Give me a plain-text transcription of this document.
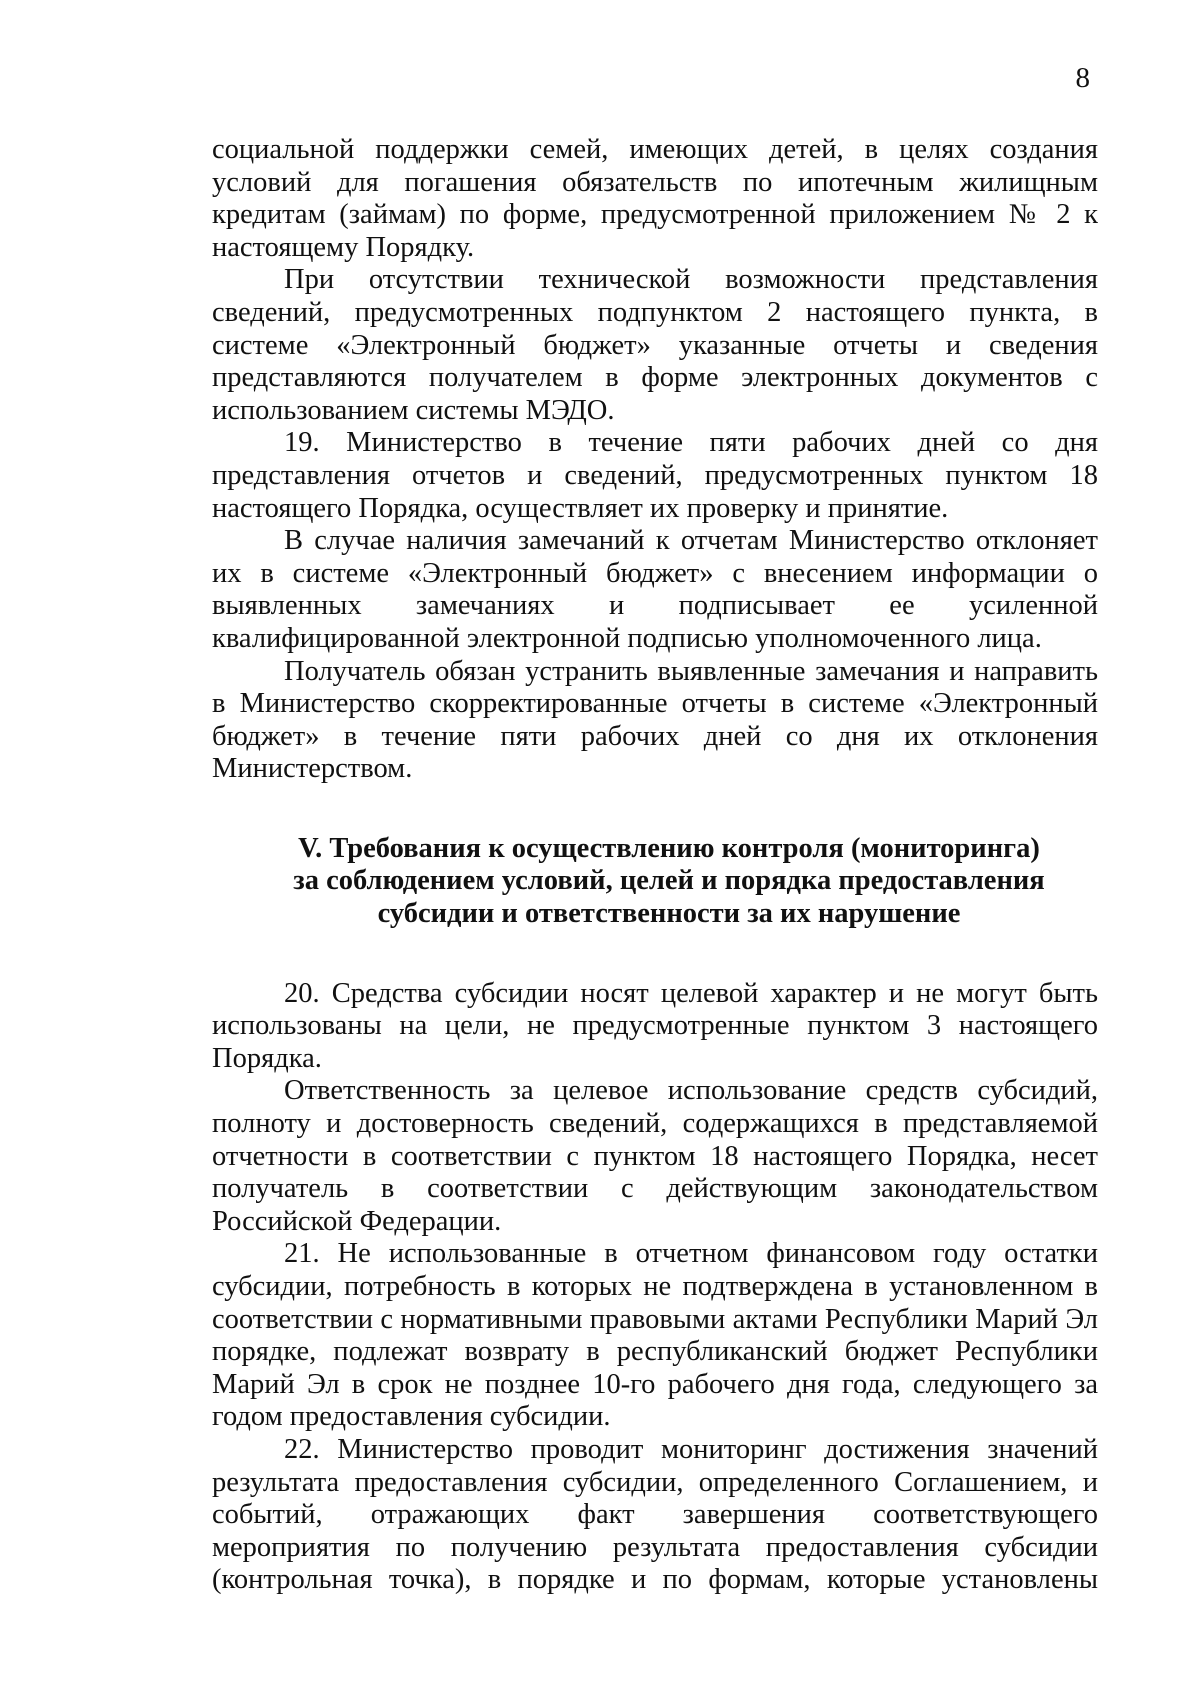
8

социальной поддержки семей, имеющих детей, в целях создания условий для погашения обязательств по ипотечным жилищным кредитам (займам) по форме, предусмотренной приложением № 2 к настоящему Порядку.

При отсутствии технической возможности представления сведений, предусмотренных подпунктом 2 настоящего пункта, в системе «Электронный бюджет» указанные отчеты и сведения представляются получателем в форме электронных документов с использованием системы МЭДО.

19. Министерство в течение пяти рабочих дней со дня представления отчетов и сведений, предусмотренных пунктом 18 настоящего Порядка, осуществляет их проверку и принятие.

В случае наличия замечаний к отчетам Министерство отклоняет их в системе «Электронный бюджет» с внесением информации о выявленных замечаниях и подписывает ее усиленной квалифицированной электронной подписью уполномоченного лица.

Получатель обязан устранить выявленные замечания и направить в Министерство скорректированные отчеты в системе «Электронный бюджет» в течение пяти рабочих дней со дня их отклонения Министерством.

V. Требования к осуществлению контроля (мониторинга)
за соблюдением условий, целей и порядка предоставления
субсидии и ответственности за их нарушение

20. Средства субсидии носят целевой характер и не могут быть использованы на цели, не предусмотренные пунктом 3 настоящего Порядка.

Ответственность за целевое использование средств субсидий, полноту и достоверность сведений, содержащихся в представляемой отчетности в соответствии с пунктом 18 настоящего Порядка, несет получатель в соответствии с действующим законодательством Российской Федерации.

21. Не использованные в отчетном финансовом году остатки субсидии, потребность в которых не подтверждена в установленном в соответствии с нормативными правовыми актами Республики Марий Эл порядке, подлежат возврату в республиканский бюджет Республики Марий Эл в срок не позднее 10-го рабочего дня года, следующего за годом предоставления субсидии.

22. Министерство проводит мониторинг достижения значений результата предоставления субсидии, определенного Соглашением, и событий, отражающих факт завершения соответствующего мероприятия по получению результата предоставления субсидии (контрольная точка), в порядке и по формам, которые установлены
